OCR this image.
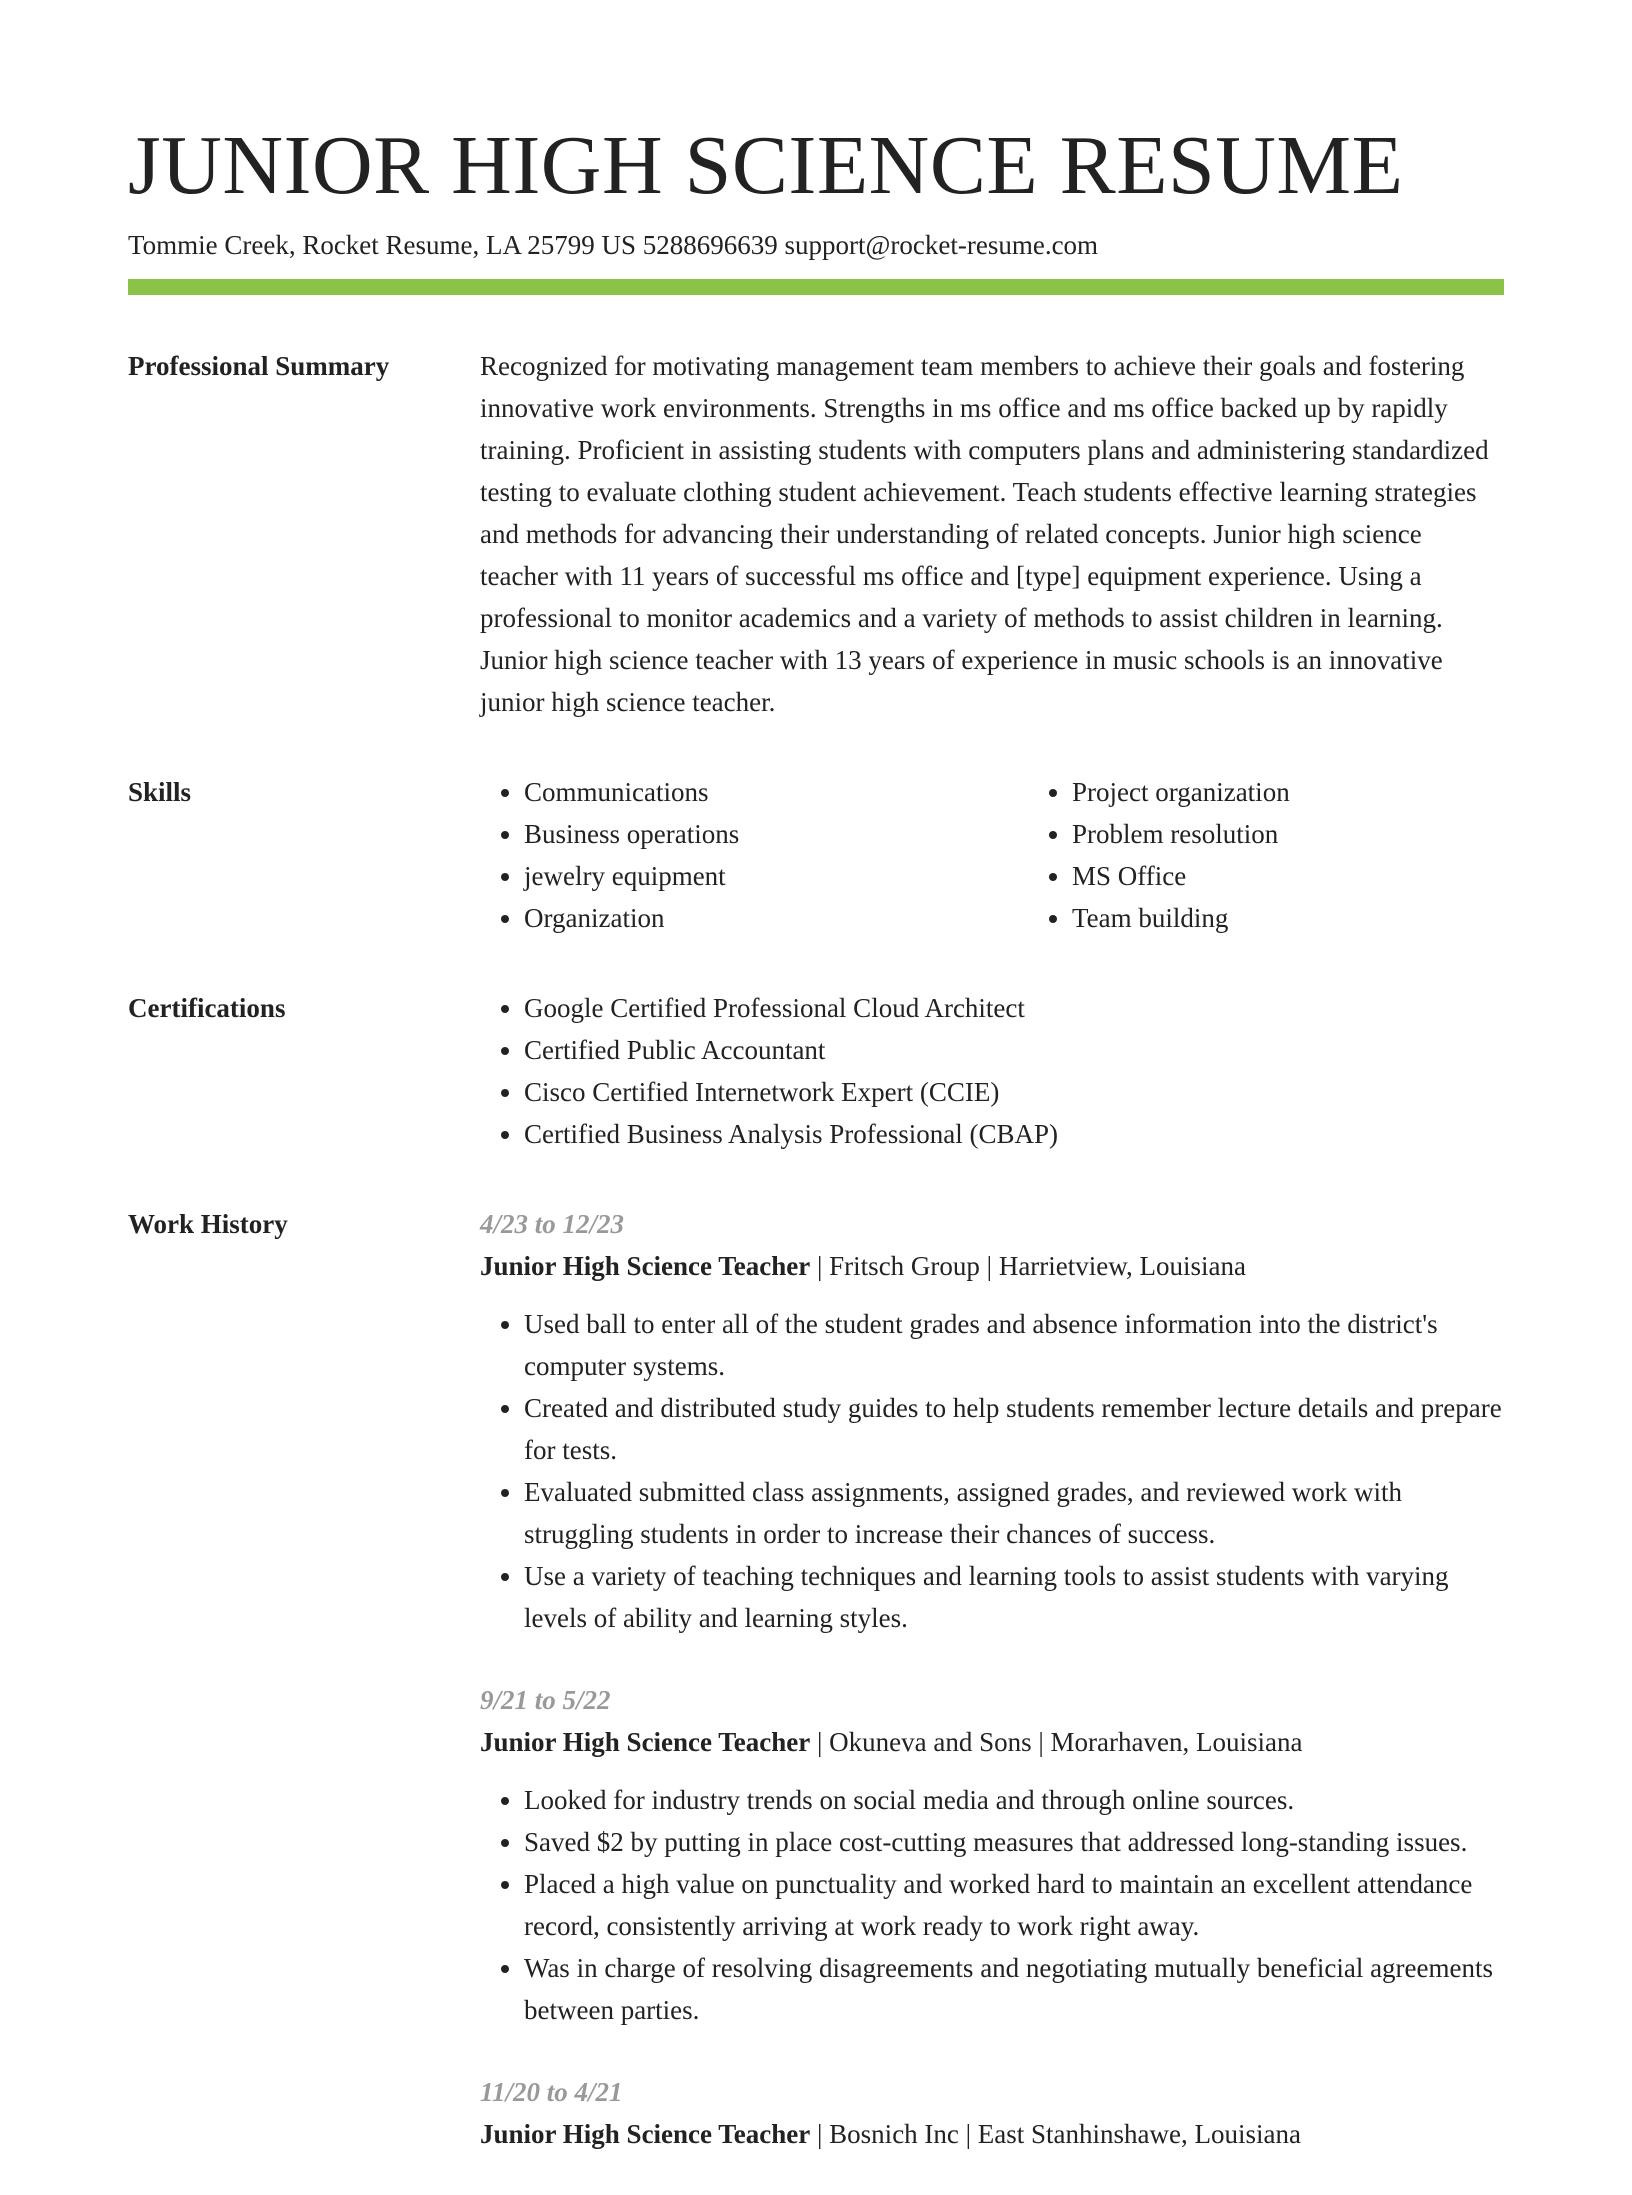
JUNIOR HIGH SCIENCE RESUME
Tommie Creek, Rocket Resume, LA 25799 US 5288696639 support@rocket-resume.com
Professional Summary	Recognized for motivating management team members to achieve their goals and fostering innovative work environments. Strengths in ms office and ms office backed up by rapidly training. Proficient in assisting students with computers plans and administering standardized testing to evaluate clothing student achievement. Teach students effective learning strategies and methods for advancing their understanding of related concepts. Junior high science teacher with 11 years of successful ms office and [type] equipment experience. Using a professional to monitor academics and a variety of methods to assist children in learning. Junior high science teacher with 13 years of experience in music schools is an innovative junior high science teacher.

Skills	• Communications
• Business operations
• jewelry equipment
• Organization
• Project organization
• Problem resolution
• MS Office
• Team building
Certifications	• Google Certified Professional Cloud Architect
• Certified Public Accountant
• Cisco Certified Internetwork Expert (CCIE)
• Certified Business Analysis Professional (CBAP)
Work History	4/23 to 12/23
Junior High Science Teacher | Fritsch Group | Harrietview, Louisiana
• Used ball to enter all of the student grades and absence information into the district's computer systems.
• Created and distributed study guides to help students remember lecture details and prepare for tests.
• Evaluated submitted class assignments, assigned grades, and reviewed work with struggling students in order to increase their chances of success.
• Use a variety of teaching techniques and learning tools to assist students with varying levels of ability and learning styles.
9/21 to 5/22
Junior High Science Teacher | Okuneva and Sons | Morarhaven, Louisiana
• Looked for industry trends on social media and through online sources.
• Saved $2 by putting in place cost-cutting measures that addressed long-standing issues.
• Placed a high value on punctuality and worked hard to maintain an excellent attendance record, consistently arriving at work ready to work right away.
• Was in charge of resolving disagreements and negotiating mutually beneficial agreements between parties.
11/20 to 4/21
Junior High Science Teacher | Bosnich Inc | East Stanhinshawe, Louisiana
